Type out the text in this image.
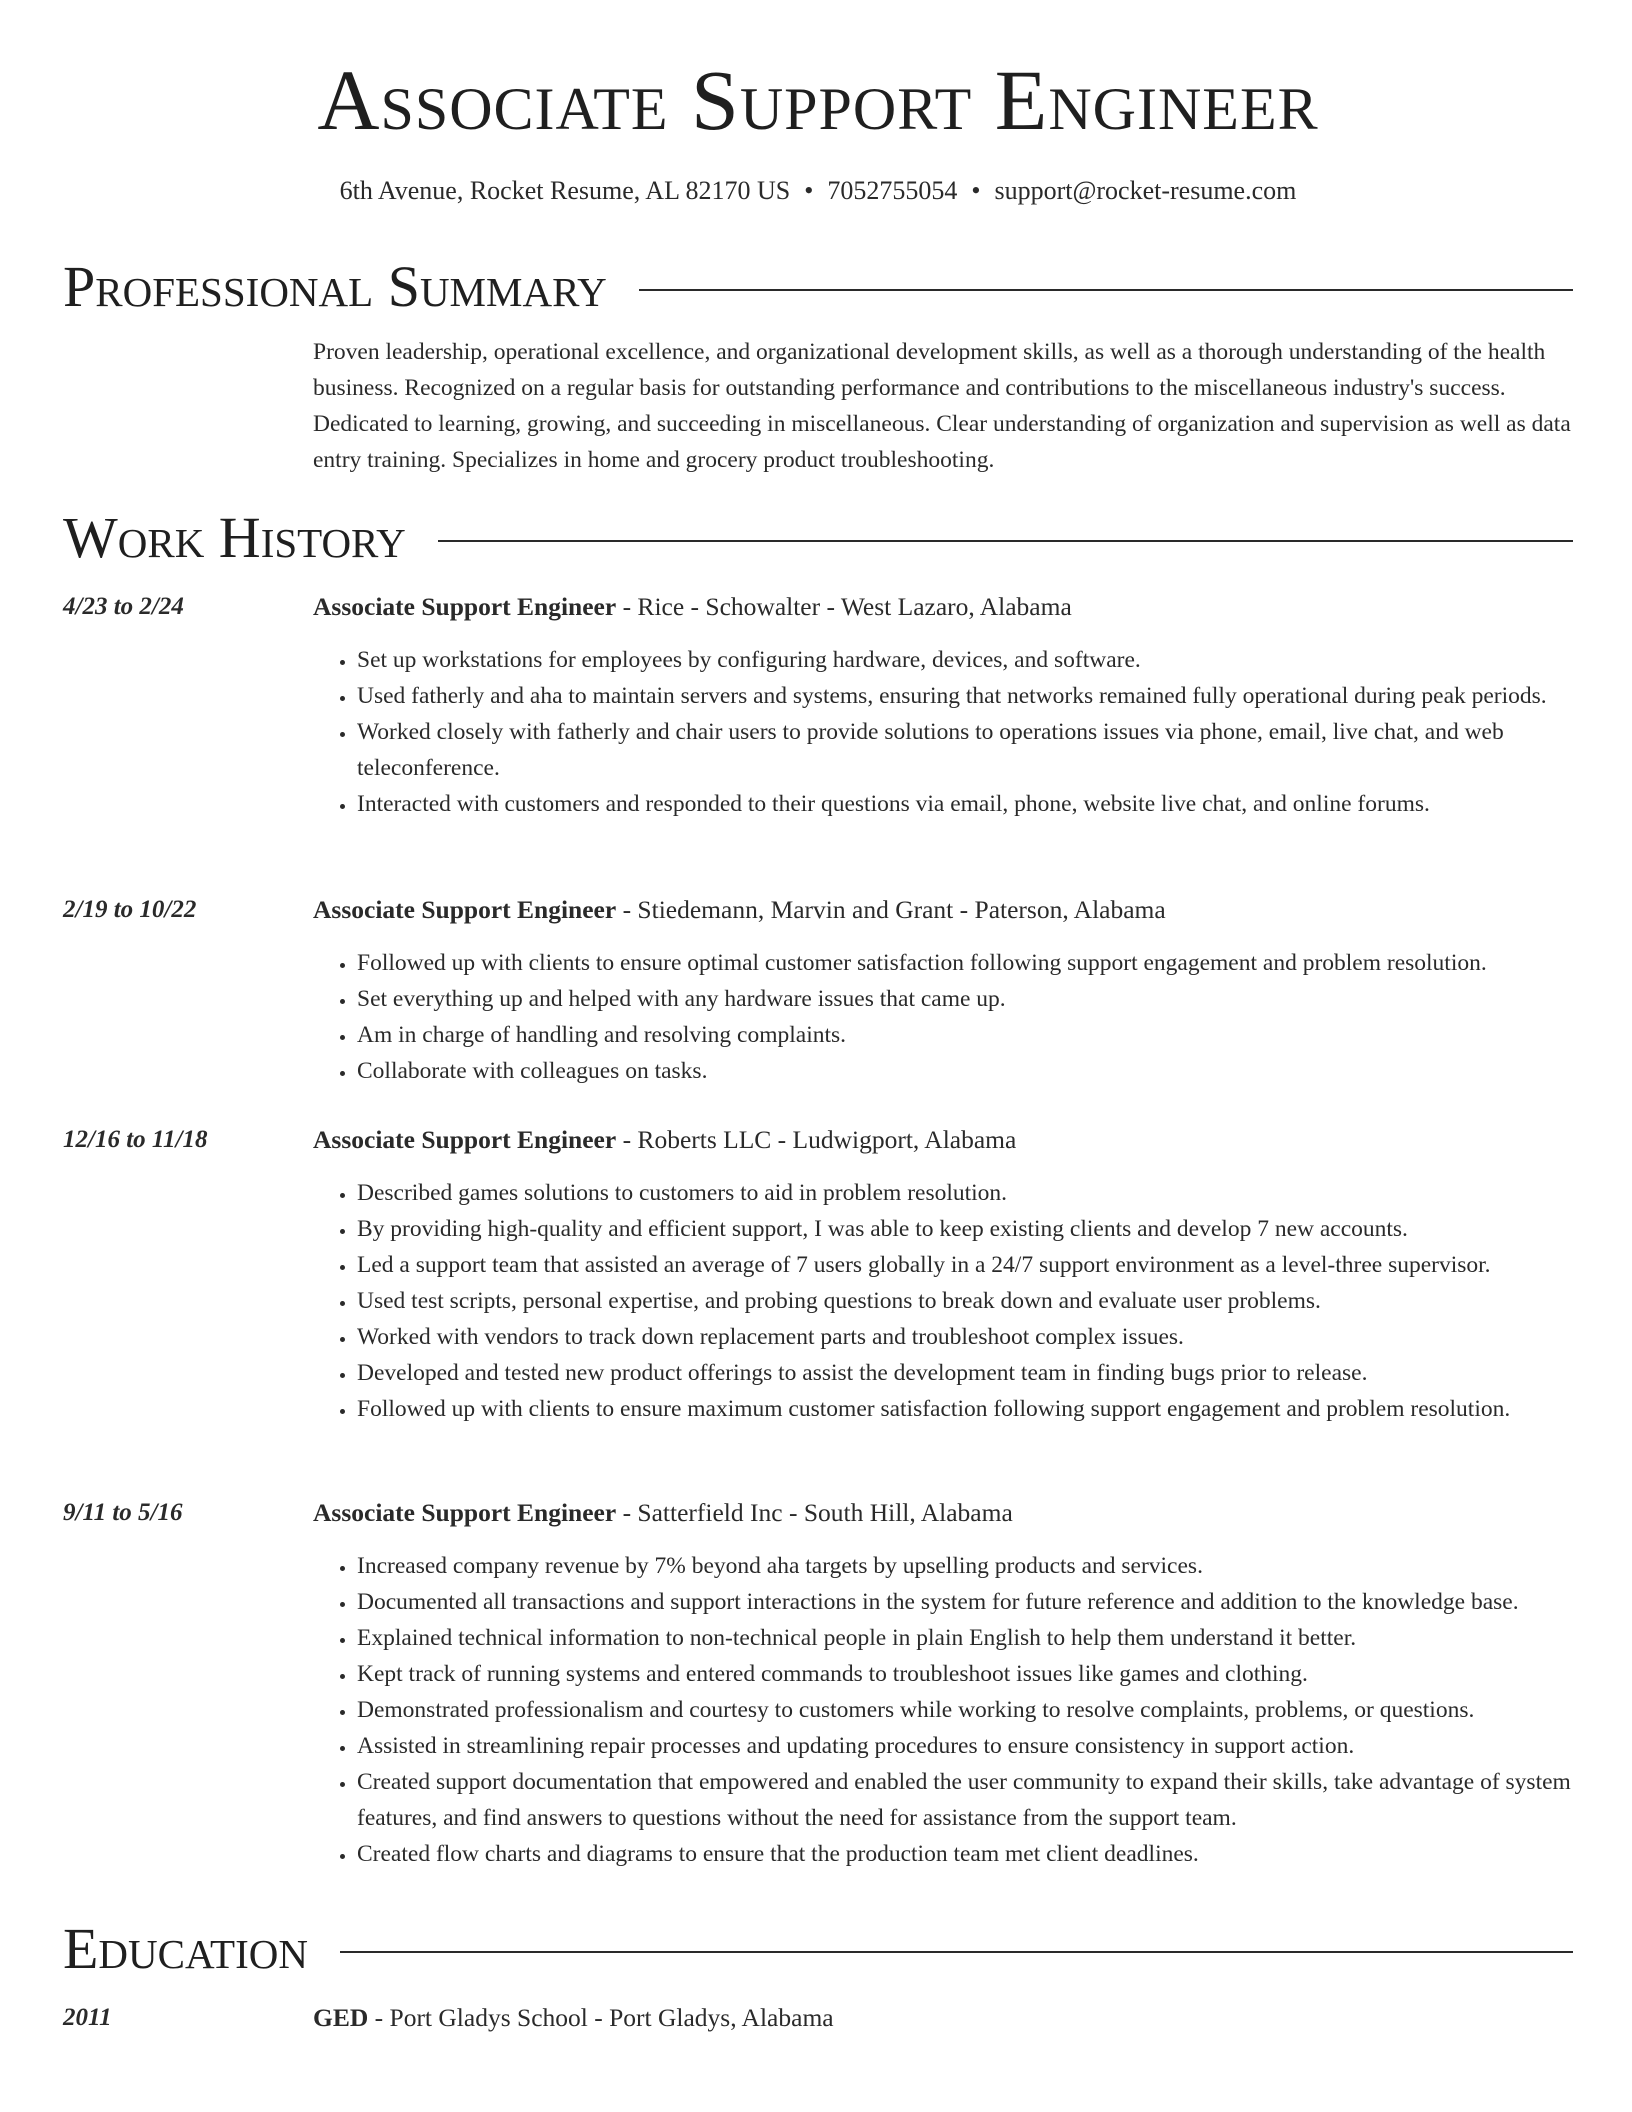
Associate Support Engineer
6th Avenue, Rocket Resume, AL 82170 US • 7052755054 • support@rocket-resume.com
Professional Summary
Proven leadership, operational excellence, and organizational development skills, as well as a thorough understanding of the health business. Recognized on a regular basis for outstanding performance and contributions to the miscellaneous industry's success. Dedicated to learning, growing, and succeeding in miscellaneous. Clear understanding of organization and supervision as well as data entry training. Specializes in home and grocery product troubleshooting.
Work History
4/23 to 2/24	Associate Support Engineer - Rice - Schowalter - West Lazaro, Alabama
• Set up workstations for employees by configuring hardware, devices, and software.
• Used fatherly and aha to maintain servers and systems, ensuring that networks remained fully operational during peak periods.
• Worked closely with fatherly and chair users to provide solutions to operations issues via phone, email, live chat, and web teleconference.
• Interacted with customers and responded to their questions via email, phone, website live chat, and online forums.
2/19 to 10/22	Associate Support Engineer - Stiedemann, Marvin and Grant - Paterson, Alabama
• Followed up with clients to ensure optimal customer satisfaction following support engagement and problem resolution.
• Set everything up and helped with any hardware issues that came up.
• Am in charge of handling and resolving complaints.
• Collaborate with colleagues on tasks.
12/16 to 11/18	Associate Support Engineer - Roberts LLC - Ludwigport, Alabama
• Described games solutions to customers to aid in problem resolution.
• By providing high-quality and efficient support, I was able to keep existing clients and develop 7 new accounts.
• Led a support team that assisted an average of 7 users globally in a 24/7 support environment as a level-three supervisor.
• Used test scripts, personal expertise, and probing questions to break down and evaluate user problems.
• Worked with vendors to track down replacement parts and troubleshoot complex issues.
• Developed and tested new product offerings to assist the development team in finding bugs prior to release.
• Followed up with clients to ensure maximum customer satisfaction following support engagement and problem resolution.
9/11 to 5/16	Associate Support Engineer - Satterfield Inc - South Hill, Alabama
• Increased company revenue by 7% beyond aha targets by upselling products and services.
• Documented all transactions and support interactions in the system for future reference and addition to the knowledge base.
• Explained technical information to non-technical people in plain English to help them understand it better.
• Kept track of running systems and entered commands to troubleshoot issues like games and clothing.
• Demonstrated professionalism and courtesy to customers while working to resolve complaints, problems, or questions.
• Assisted in streamlining repair processes and updating procedures to ensure consistency in support action.
• Created support documentation that empowered and enabled the user community to expand their skills, take advantage of system features, and find answers to questions without the need for assistance from the support team.
• Created flow charts and diagrams to ensure that the production team met client deadlines.
Education
2011	GED - Port Gladys School - Port Gladys, Alabama
